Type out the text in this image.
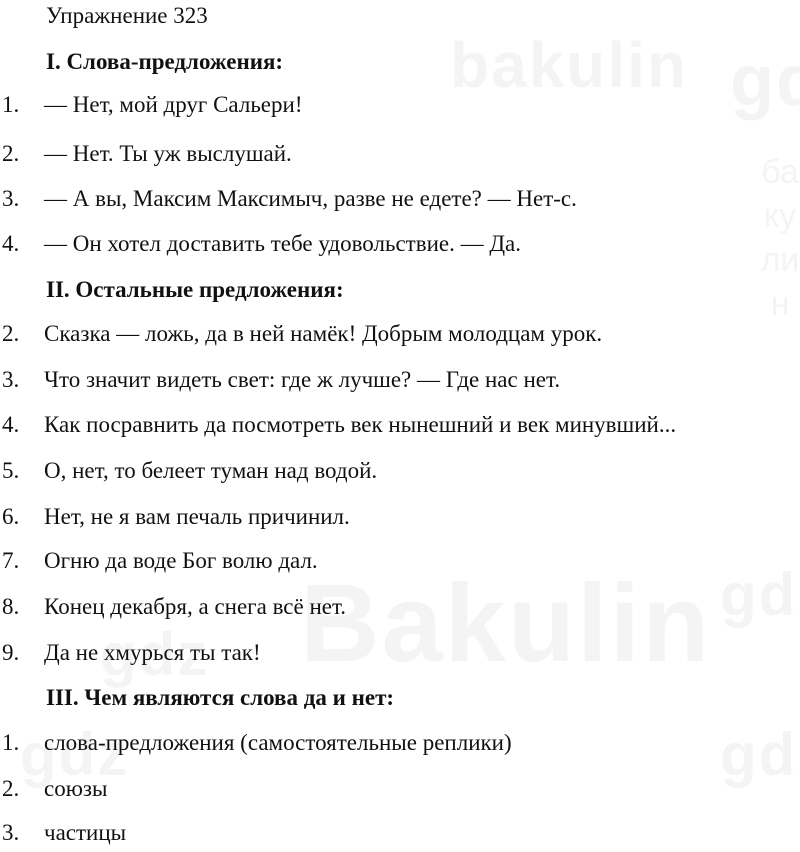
Упражнение 323
I. Слова-предложения:
1.	— Нет, мой друг Сальери!
2.	— Нет. Ты уж выслушай.
3.	— А вы, Максим Максимыч, разве не едете? — Нет-с.
4.	— Он хотел доставить тебе удовольствие. — Да.
II. Остальные предложения:
2.	Сказка — ложь, да в ней намёк! Добрым молодцам урок.
3.	Что значит видеть свет: где ж лучше? — Где нас нет.
4.	Как посравнить да посмотреть век нынешний и век минувший...
5.	О, нет, то белеет туман над водой.
6.	Нет, не я вам печаль причинил.
7.	Огню да воде Бог волю дал.
8.	Конец декабря, а снега всё нет.
9.	Да не хмурься ты так!
III. Чем являются слова да и нет:
1.	слова-предложения (самостоятельные реплики)
2.	союзы
3.	частицы
